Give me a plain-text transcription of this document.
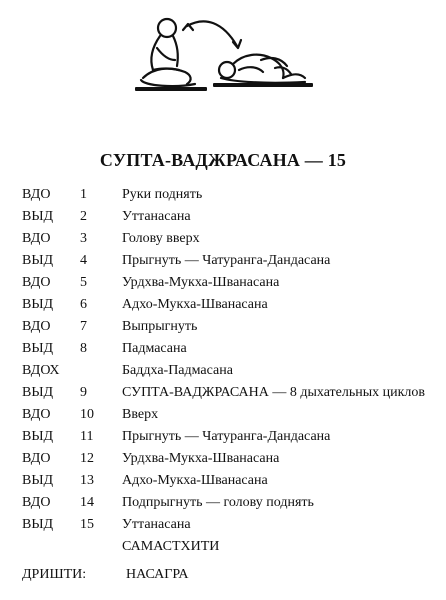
СУПТА-ВАДЖРАСАНА — 15
ВДО 1	Руки поднять
ВЫД 2	Уттанасана
ВДО 3	Голову вверх
ВЫД 4	Прыгнуть — Чатуранга-Дандасана
ВДО 5	Урдхва-Мукха-Шванасана
ВЫД 6	Адхо-Мукха-Шванасана
ВДО 7	Выпрыгнуть
ВЫД 8	Падмасана
ВДОХ	Баддха-Падмасана
ВЫД 9	СУПТА-ВАДЖРАСАНА — 8 дыхательных циклов
ВДО 10 Вверх
ВЫД 11 Прыгнуть — Чатуранга-Дандасана
ВДО 12 Урдхва-Мукха-Шванасана
ВЫД 13 Адхо-Мукха-Шванасана
ВДО 14 Подпрыгнуть — голову поднять
ВЫД 15 Уттанасана
САМАСТХИТИ
ДРИШТИ:	НАСАГРА
